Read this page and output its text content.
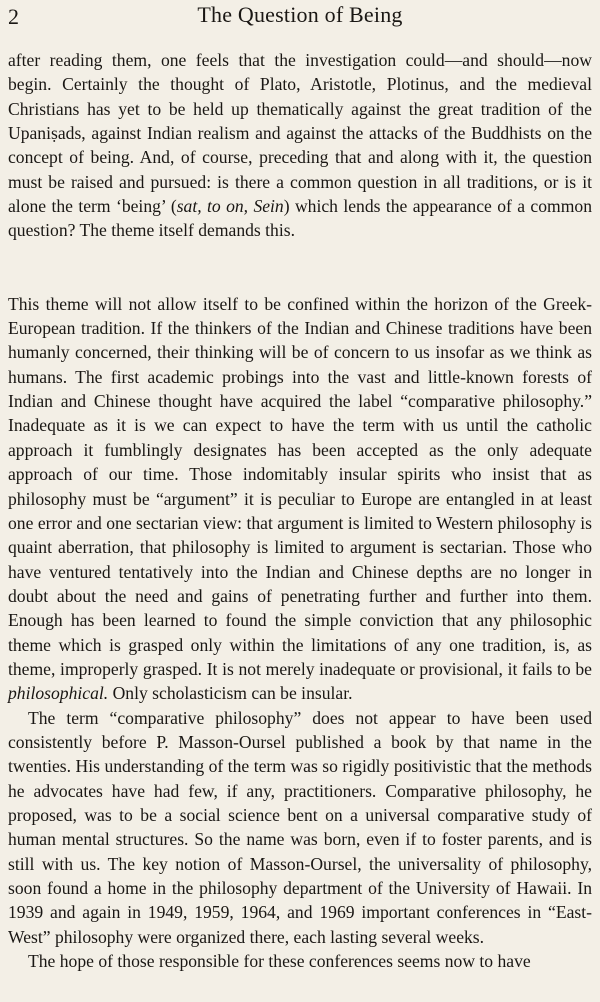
2	The Question of Being

after reading them, one feels that the investigation could—and should—now begin. Certainly the thought of Plato, Aristotle, Plotinus, and the medieval Christians has yet to be held up thematically against the great tradition of the Upaniṣads, against Indian realism and against the attacks of the Buddhists on the concept of being. And, of course, preceding that and along with it, the question must be raised and pursued: is there a common question in all traditions, or is it alone the term ‘being’ (sat, to on, Sein) which lends the appearance of a common question? The theme itself demands this.

This theme will not allow itself to be confined within the horizon of the Greek-European tradition. If the thinkers of the Indian and Chinese traditions have been humanly concerned, their thinking will be of concern to us insofar as we think as humans. The first academic probings into the vast and little-known forests of Indian and Chinese thought have acquired the label “comparative philosophy.” Inadequate as it is we can expect to have the term with us until the catholic approach it fumblingly designates has been accepted as the only adequate approach of our time. Those indomitably insular spirits who insist that as philosophy must be “argument” it is peculiar to Europe are entangled in at least one error and one sectarian view: that argument is limited to Western philosophy is quaint aberration, that philosophy is limited to argument is sectarian. Those who have ventured tentatively into the Indian and Chinese depths are no longer in doubt about the need and gains of penetrating further and further into them. Enough has been learned to found the simple conviction that any philosophic theme which is grasped only within the limitations of any one tradition, is, as theme, improperly grasped. It is not merely inadequate or provisional, it fails to be philosophical. Only scholasticism can be insular.

The term “comparative philosophy” does not appear to have been used consistently before P. Masson-Oursel published a book by that name in the twenties. His understanding of the term was so rigidly positivistic that the methods he advocates have had few, if any, practitioners. Comparative philosophy, he proposed, was to be a social science bent on a universal comparative study of human mental structures. So the name was born, even if to foster parents, and is still with us. The key notion of Masson-Oursel, the universality of philosophy, soon found a home in the philosophy department of the University of Hawaii. In 1939 and again in 1949, 1959, 1964, and 1969 important conferences in “East-West” philosophy were organized there, each lasting several weeks.

The hope of those responsible for these conferences seems now to have
